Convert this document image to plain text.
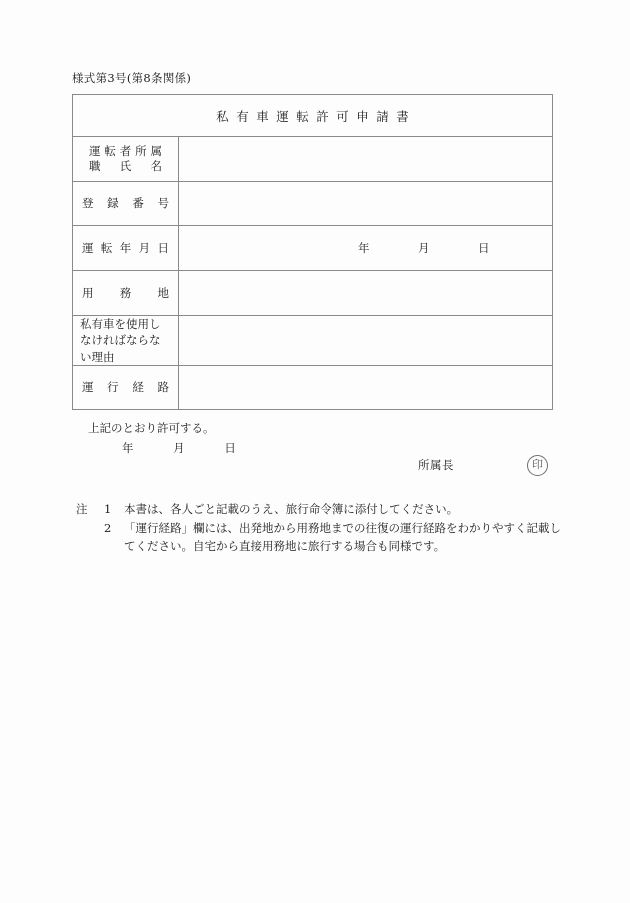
様式第3号(第8条関係)
私有車運転許可申請書	

運 転 者 所 属
職 氏 名

登 録 番 号	

運 転 年 月 日	年 月 日

用 務 地	

私有車を使用しなければならない理由	

運 行 経 路	

上記のとおり許可する。
年	月	日
所属長	印
注	1	本書は、各人ごと記載のうえ、旅行命令簿に添付してください。
2	「運行経路」欄には、出発地から用務地までの往復の運行経路をわかりやすく記載し
てください。自宅から直接用務地に旅行する場合も同様です。
